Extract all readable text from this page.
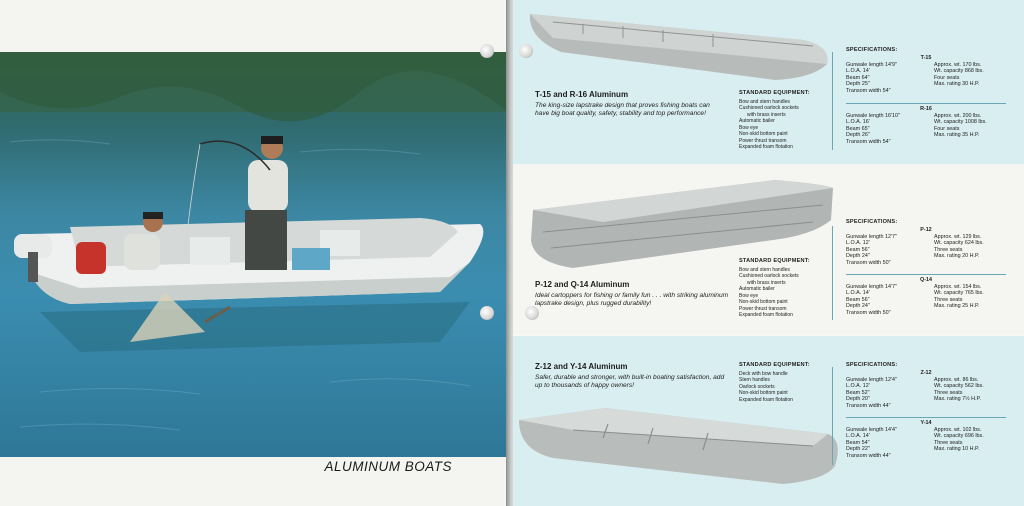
ALUMINUM BOATS
T-15 and R-16 Aluminum
The king-size lapstrake design that proves fishing boats can have big boat quality, safety, stability and top performance!
STANDARD EQUIPMENT:
Bow and stern handles
Cushioned oarlock sockets
with brass inserts
Automatic bailer
Bow eye
Non-skid bottom paint
Power thrust transom
Expanded foam flotation
SPECIFICATIONS:
T-15
Gunwale length 14'9"
L.O.A. 14'
Beam 64"
Depth 25"
Transom width 54"
Approx. wt. 170 lbs.
Wt. capacity 868 lbs.
Four seats
Max. rating 30 H.P.
R-16
Gunwale length 16'10"
L.O.A. 16'
Beam 65"
Depth 26"
Transom width 54"
Approx. wt. 200 lbs.
Wt. capacity 1008 lbs.
Four seats
Max. rating 35 H.P.
P-12 and Q-14 Aluminum
Ideal cartoppers for fishing or family fun . . . with striking aluminum lapstrake design, plus rugged durability!
STANDARD EQUIPMENT:
Bow and stern handles
Cushioned oarlock sockets
with brass inserts
Automatic bailer
Bow eye
Non-skid bottom paint
Power thrust transom
Expanded foam flotation
SPECIFICATIONS:
P-12
Gunwale length 12'7"
L.O.A. 12'
Beam 56"
Depth 24"
Transom width 50"
Approx. wt. 129 lbs.
Wt. capacity 624 lbs.
Three seats
Max. rating 20 H.P.
Q-14
Gunwale length 14'7"
L.O.A. 14'
Beam 56"
Depth 24"
Transom width 50"
Approx. wt. 154 lbs.
Wt. capacity 765 lbs.
Three seats
Max. rating 25 H.P.
Z-12 and Y-14 Aluminum
Safer, durable and stronger, with built-in boating satisfaction, add up to thousands of happy owners!
STANDARD EQUIPMENT:
Deck with bow handle
Stern handles
Oarlock sockets
Non-skid bottom paint
Expanded foam flotation
SPECIFICATIONS:
Z-12
Gunwale length 12'4"
L.O.A. 12'
Beam 52"
Depth 20"
Transom width 44"
Approx. wt. 86 lbs.
Wt. capacity 562 lbs.
Three seats
Max. rating 7½ H.P.
Y-14
Gunwale length 14'4"
L.O.A. 14'
Beam 54"
Depth 22"
Transom width 44"
Approx. wt. 102 lbs.
Wt. capacity 696 lbs.
Three seats
Max. rating 10 H.P.
